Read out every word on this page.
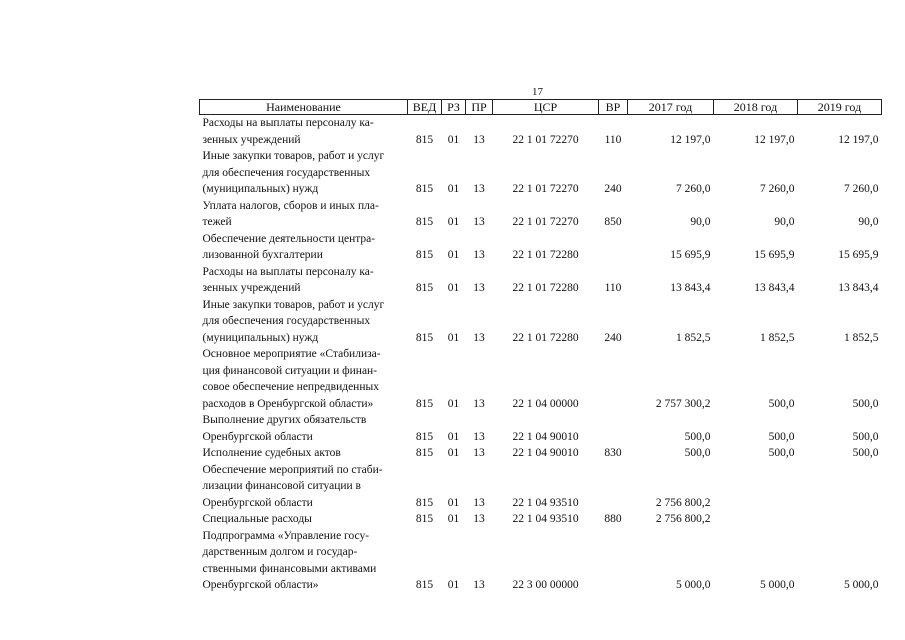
17
Наименование	ВЕД	РЗ	ПР	ЦСР	ВР	2017 год	2018 год	2019 год

Расходы на выплаты персоналу ка-
зенных учреждений	815	01	13	22 1 01 72270	110	12 197,0	12 197,0	12 197,0

Иные закупки товаров, работ и услуг
для обеспечения государственных
(муниципальных) нужд	815	01	13	22 1 01 72270	240	7 260,0	7 260,0	7 260,0

Уплата налогов, сборов и иных пла-
тежей	815	01	13	22 1 01 72270	850	90,0	90,0	90,0

Обеспечение деятельности центра-
лизованной бухгалтерии	815	01	13	22 1 01 72280		15 695,9	15 695,9	15 695,9

Расходы на выплаты персоналу ка-
зенных учреждений	815	01	13	22 1 01 72280	110	13 843,4	13 843,4	13 843,4

Иные закупки товаров, работ и услуг
для обеспечения государственных
(муниципальных) нужд	815	01	13	22 1 01 72280	240	1 852,5	1 852,5	1 852,5

Основное мероприятие «Стабилиза-
ция финансовой ситуации и финан-
совое обеспечение непредвиденных
расходов в Оренбургской области»	815	01	13	22 1 04 00000		2 757 300,2	500,0	500,0

Выполнение других обязательств
Оренбургской области	815	01	13	22 1 04 90010		500,0	500,0	500,0

Исполнение судебных актов	815	01	13	22 1 04 90010	830	500,0	500,0	500,0

Обеспечение мероприятий по стаби-
лизации финансовой ситуации в
Оренбургской области	815	01	13	22 1 04 93510		2 756 800,2		

Специальные расходы	815	01	13	22 1 04 93510	880	2 756 800,2		

Подпрограмма «Управление госу-
дарственным долгом и государ-
ственными финансовыми активами
Оренбургской области»	815	01	13	22 3 00 00000		5 000,0	5 000,0	5 000,0
